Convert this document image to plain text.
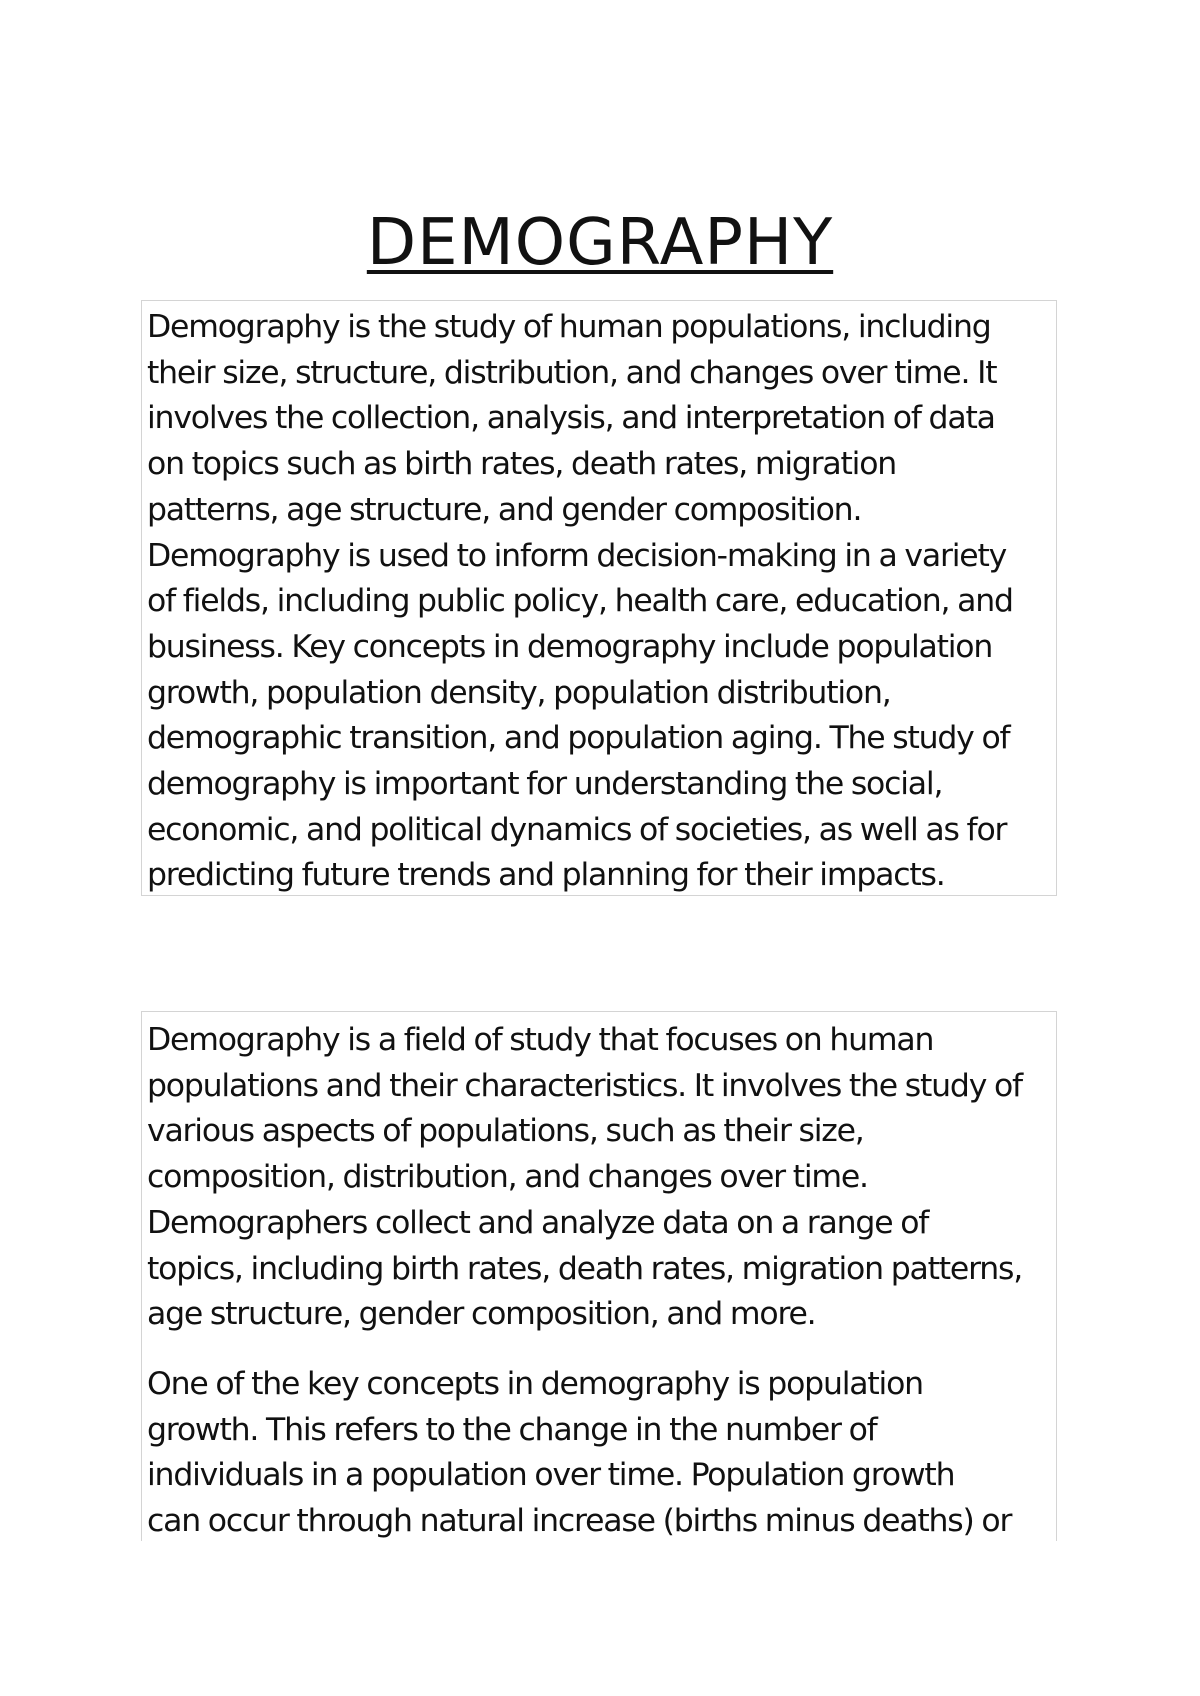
DEMOGRAPHY

Demography is the study of human populations, including
their size, structure, distribution, and changes over time. It
involves the collection, analysis, and interpretation of data
on topics such as birth rates, death rates, migration
patterns, age structure, and gender composition.
Demography is used to inform decision-making in a variety
of fields, including public policy, health care, education, and
business. Key concepts in demography include population
growth, population density, population distribution,
demographic transition, and population aging. The study of
demography is important for understanding the social,
economic, and political dynamics of societies, as well as for
predicting future trends and planning for their impacts.

Demography is a field of study that focuses on human
populations and their characteristics. It involves the study of
various aspects of populations, such as their size,
composition, distribution, and changes over time.
Demographers collect and analyze data on a range of
topics, including birth rates, death rates, migration patterns,
age structure, gender composition, and more.

One of the key concepts in demography is population
growth. This refers to the change in the number of
individuals in a population over time. Population growth
can occur through natural increase (births minus deaths) or
